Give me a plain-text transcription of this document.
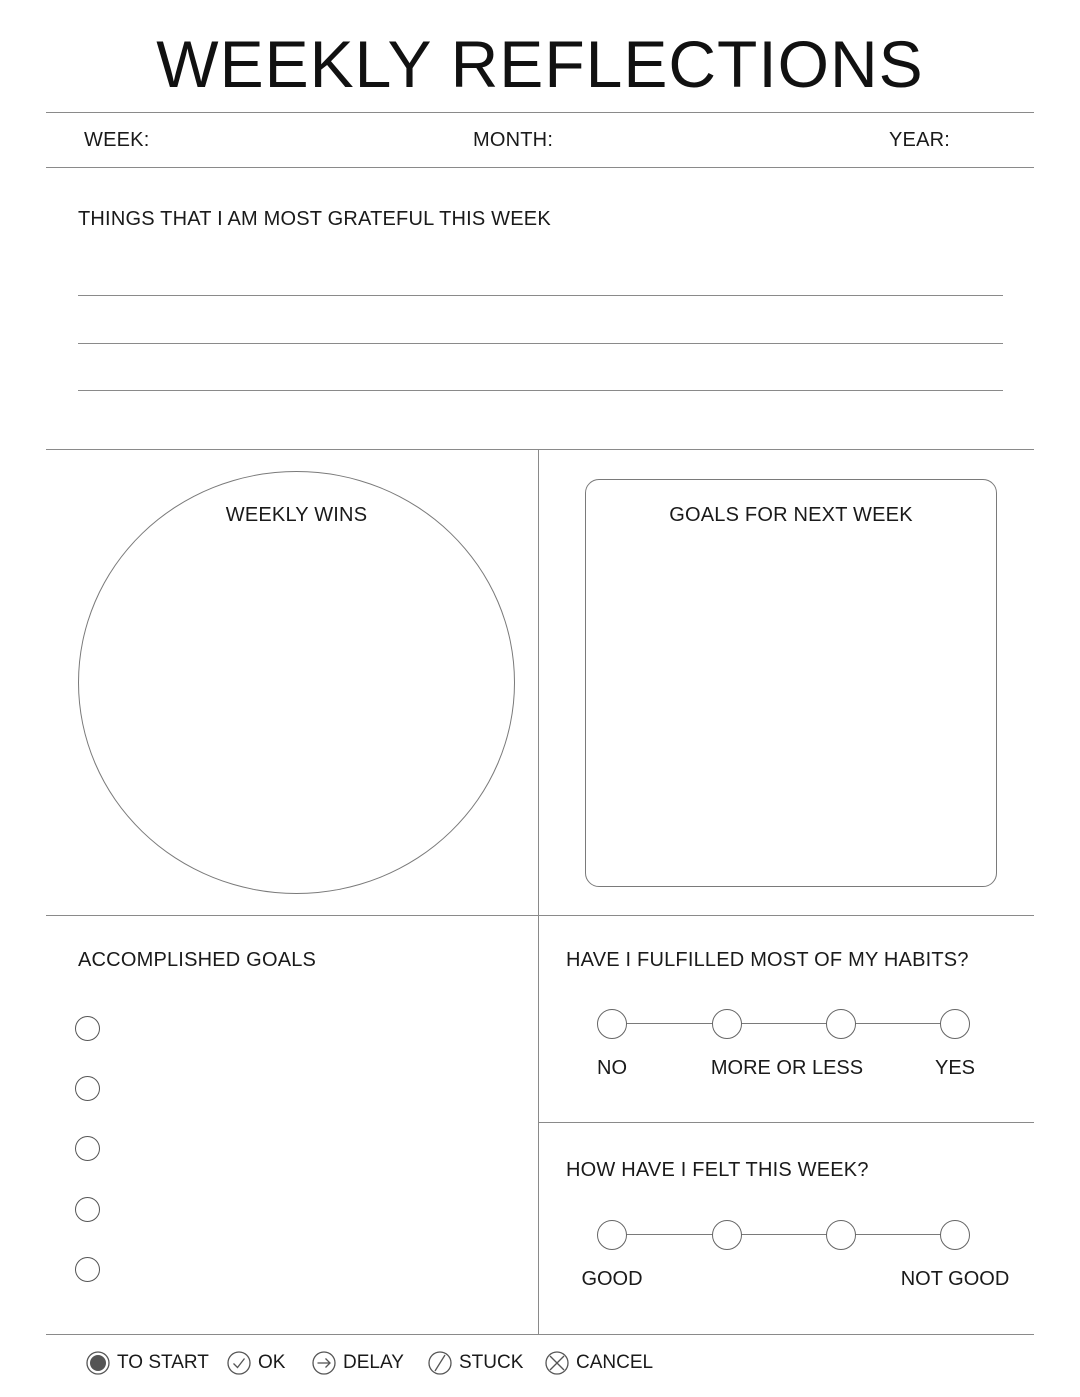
WEEKLY REFLECTIONS
WEEK:	MONTH:	YEAR:
THINGS THAT I AM MOST GRATEFUL THIS WEEK
WEEKLY WINS	GOALS FOR NEXT WEEK
ACCOMPLISHED GOALS	HAVE I FULFILLED MOST OF MY HABITS?
NO	MORE OR LESS	YES
HOW HAVE I FELT THIS WEEK?
GOOD	NOT GOOD
TO START	OK	DELAY	STUCK	CANCEL
